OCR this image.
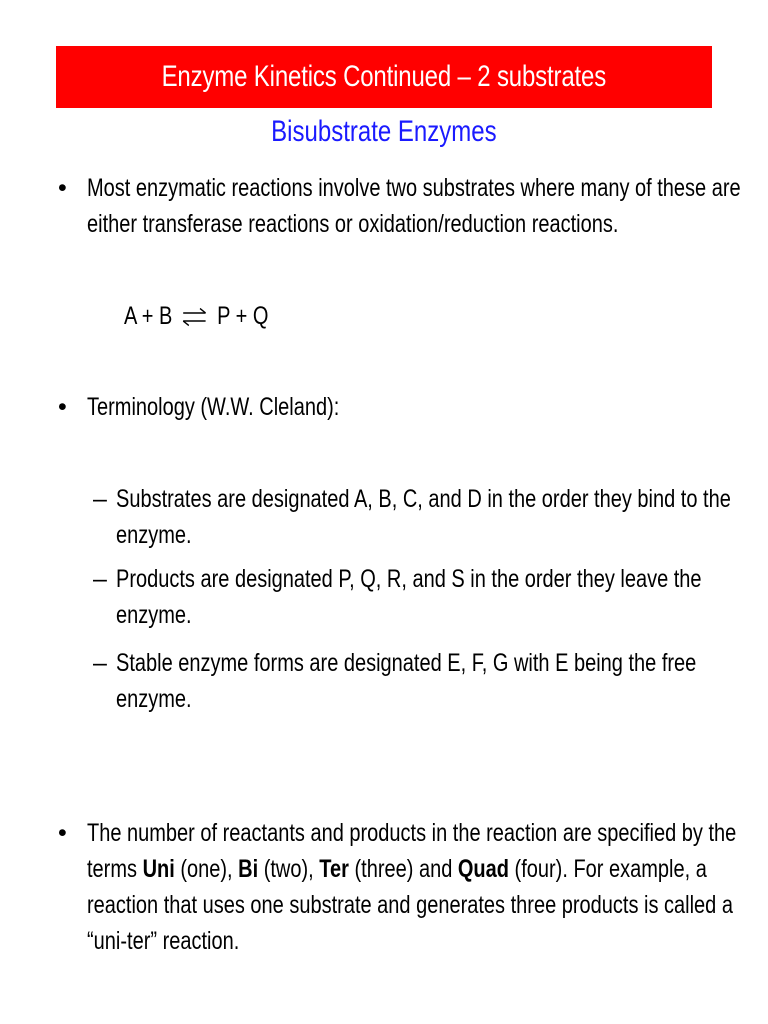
Enzyme Kinetics Continued – 2 substrates
Bisubstrate Enzymes
• Most enzymatic reactions involve two substrates where many of these are
either transferase reactions or oxidation/reduction reactions.
A + B ⇌ P + Q
• Terminology (W.W. Cleland):
– Substrates are designated A, B, C, and D in the order they bind to the
enzyme.
– Products are designated P, Q, R, and S in the order they leave the
enzyme.
– Stable enzyme forms are designated E, F, G with E being the free
enzyme.
• The number of reactants and products in the reaction are specified by the
terms Uni (one), Bi (two), Ter (three) and Quad (four). For example, a
reaction that uses one substrate and generates three products is called a
“uni-ter” reaction.
